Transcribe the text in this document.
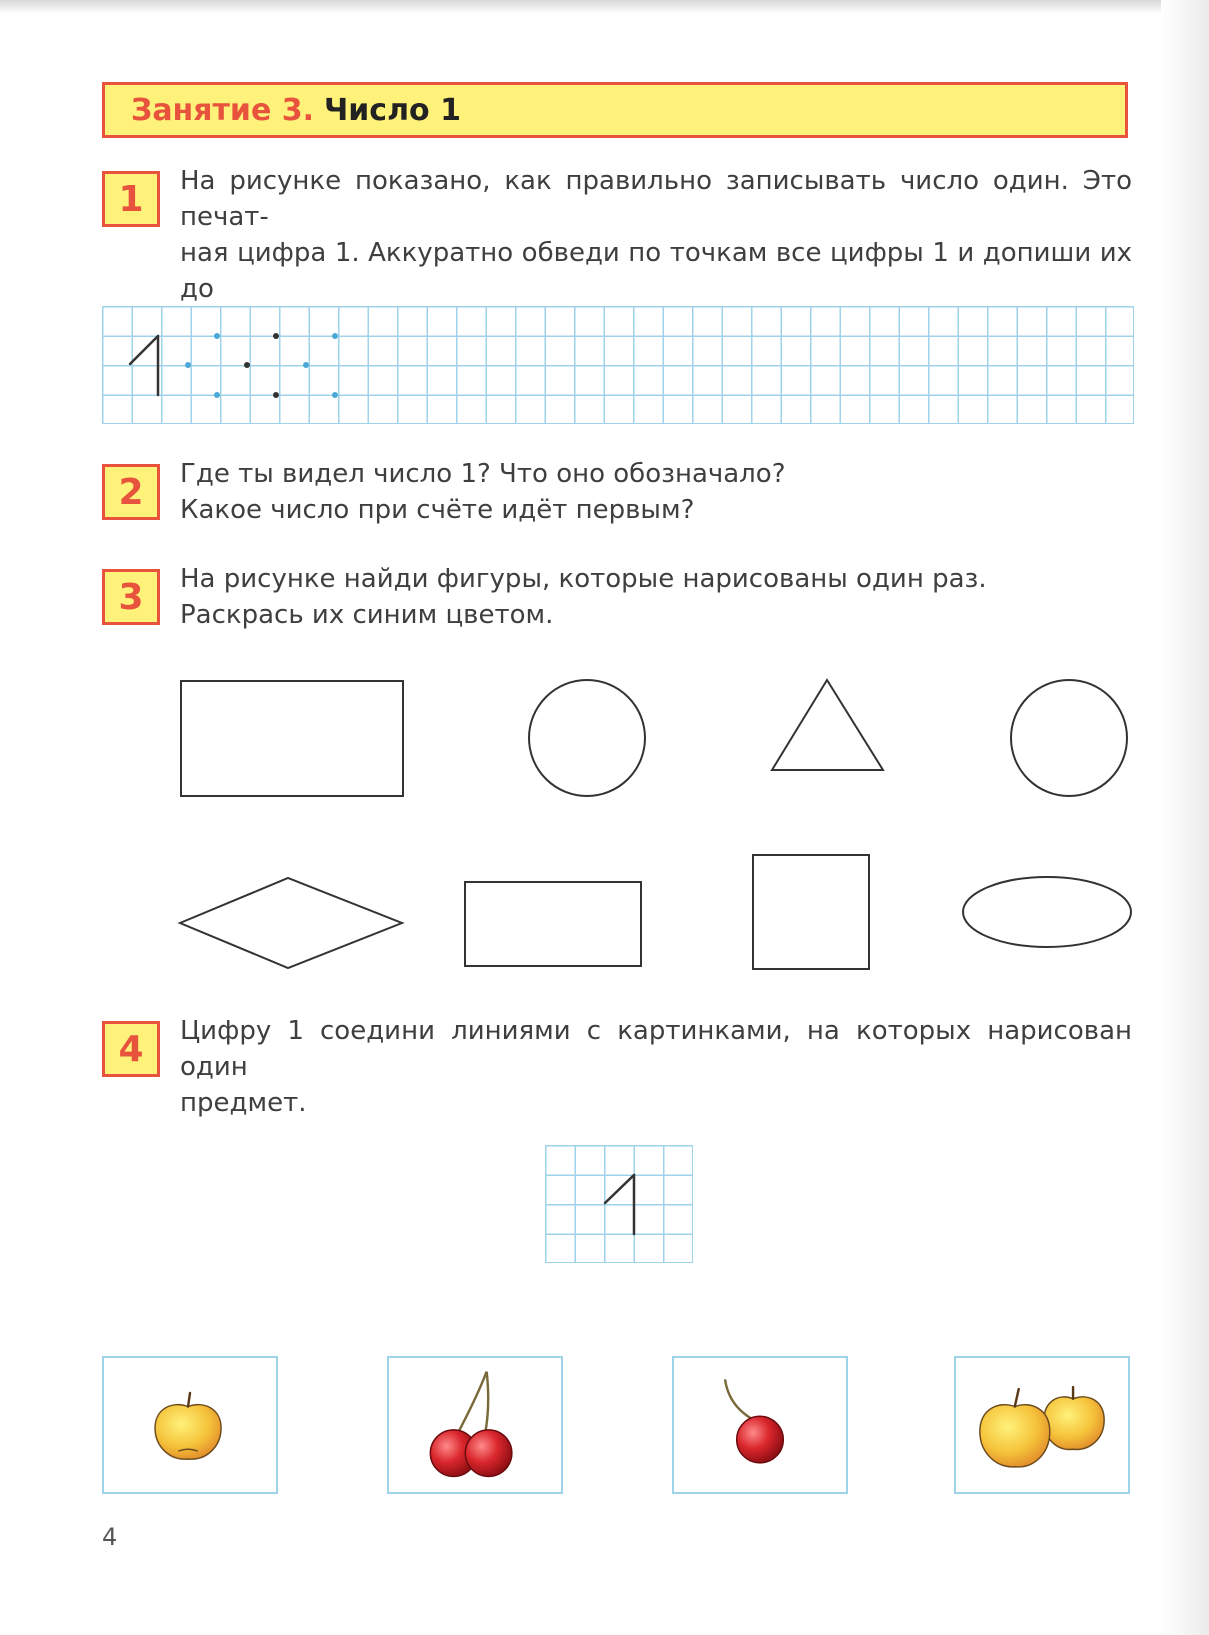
Занятие 3. Число 1
1	На рисунке показано, как правильно записывать число один. Это печат-
ная цифра 1. Аккуратно обведи по точкам все цифры 1 и допиши их до
2	Где ты видел число 1? Что оно обозначало?
Какое число при счёте идёт первым?
3	На рисунке найди фигуры, которые нарисованы один раз.
Раскрась их синим цветом.
4	Цифру 1 соедини линиями с картинками, на которых нарисован один
предмет.
4
